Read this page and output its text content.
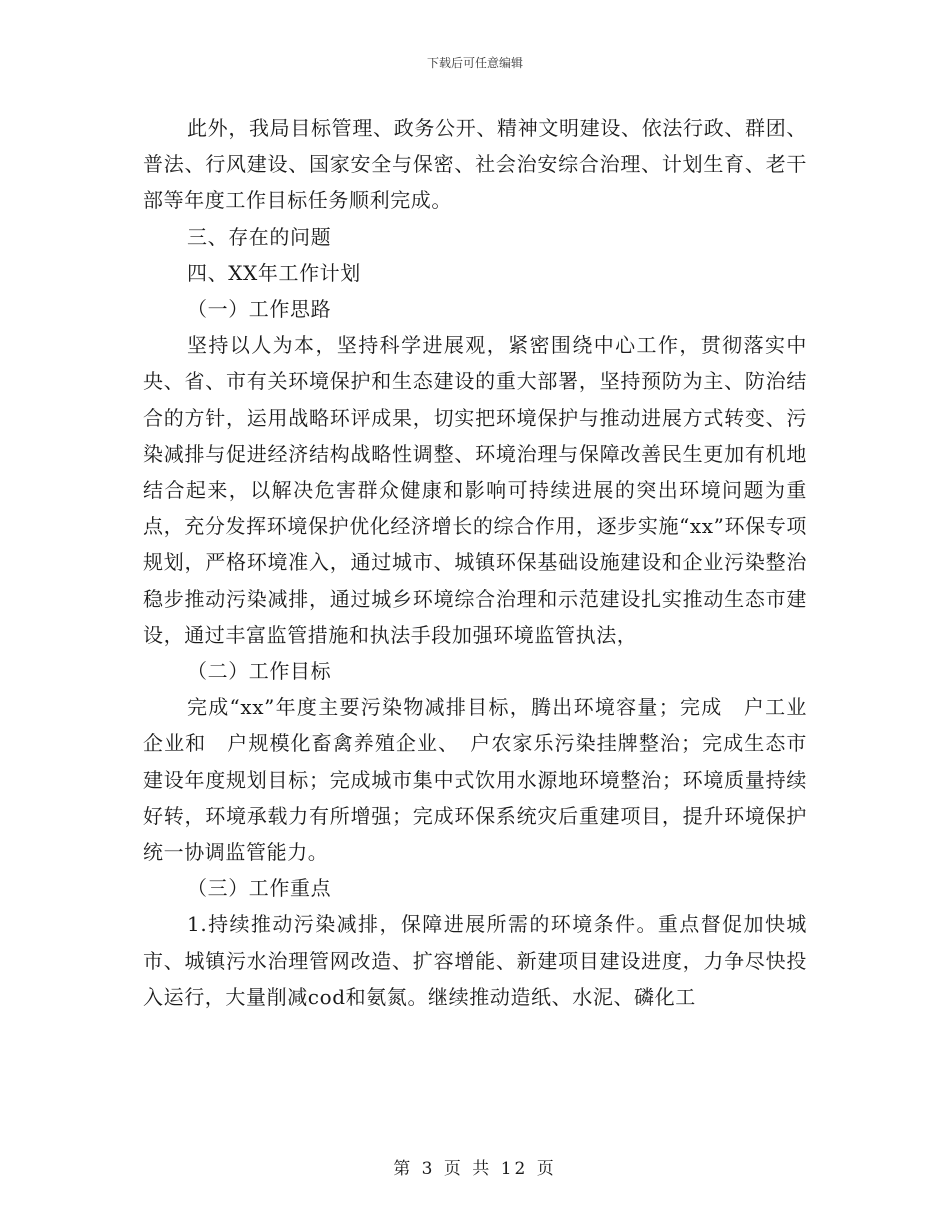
下载后可任意编辑

此外，我局目标管理、政务公开、精神文明建设、依法行政、群团、普法、行风建设、国家安全与保密、社会治安综合治理、计划生育、老干部等年度工作目标任务顺利完成。

三、存在的问题

四、XX年工作计划

（一）工作思路

坚持以人为本，坚持科学进展观，紧密围绕中心工作，贯彻落实中央、省、市有关环境保护和生态建设的重大部署，坚持预防为主、防治结合的方针，运用战略环评成果，切实把环境保护与推动进展方式转变、污染减排与促进经济结构战略性调整、环境治理与保障改善民生更加有机地结合起来，以解决危害群众健康和影响可持续进展的突出环境问题为重点，充分发挥环境保护优化经济增长的综合作用，逐步实施“xx”环保专项规划，严格环境准入，通过城市、城镇环保基础设施建设和企业污染整治稳步推动污染减排，通过城乡环境综合治理和示范建设扎实推动生态市建设，通过丰富监管措施和执法手段加强环境监管执法，

（二）工作目标

完成“xx”年度主要污染物减排目标，腾出环境容量；完成　户工业企业和　户规模化畜禽养殖企业、　户农家乐污染挂牌整治；完成生态市建设年度规划目标；完成城市集中式饮用水源地环境整治；环境质量持续好转，环境承载力有所增强；完成环保系统灾后重建项目，提升环境保护统一协调监管能力。

（三）工作重点

1.持续推动污染减排，保障进展所需的环境条件。重点督促加快城市、城镇污水治理管网改造、扩容增能、新建项目建设进度，力争尽快投入运行，大量削减cod和氨氮。继续推动造纸、水泥、磷化工

第 3 页 共 12 页
